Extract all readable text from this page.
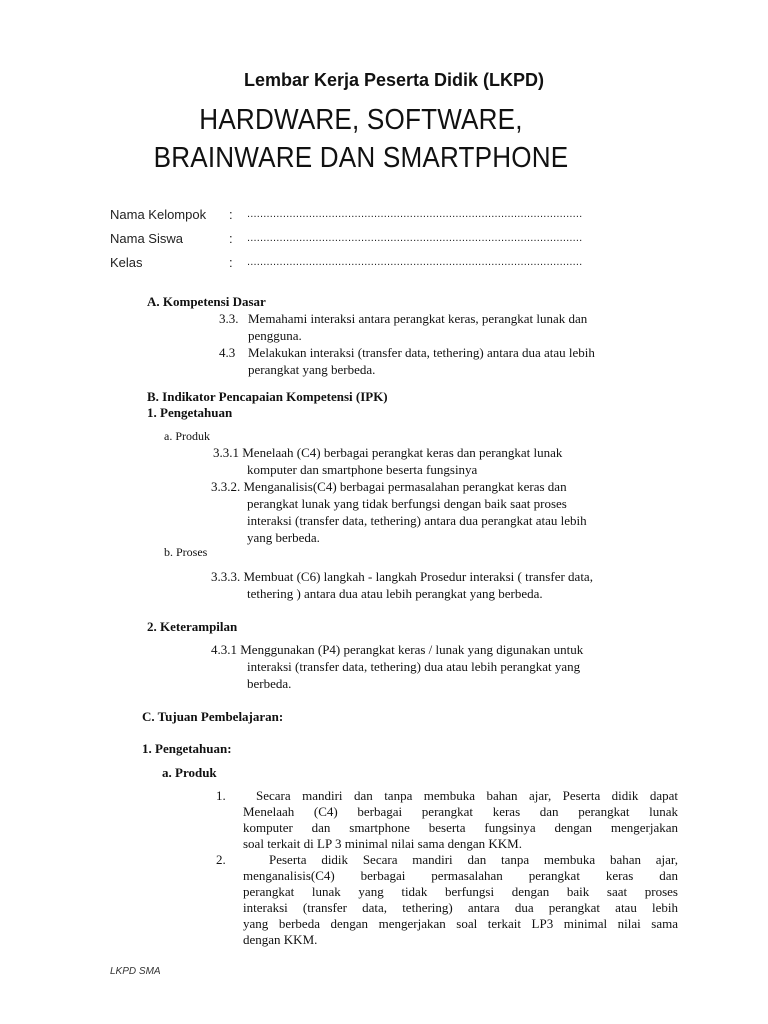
Lembar Kerja Peserta Didik (LKPD)
HARDWARE, SOFTWARE,
BRAINWARE DAN SMARTPHONE
Nama Kelompok : .......................................................................................................
Nama Siswa	: .......................................................................................................
Kelas	: .......................................................................................................
A. Kompetensi Dasar
3.3. Memahami interaksi antara perangkat keras, perangkat lunak dan
pengguna.
4.3 Melakukan interaksi (transfer data, tethering) antara dua atau lebih
perangkat yang berbeda.
B. Indikator Pencapaian Kompetensi (IPK)
1. Pengetahuan
a. Produk
3.3.1 Menelaah (C4) berbagai perangkat keras dan perangkat lunak
komputer dan smartphone beserta fungsinya
3.3.2. Menganalisis(C4) berbagai permasalahan perangkat keras dan
perangkat lunak yang tidak berfungsi dengan baik saat proses
interaksi (transfer data, tethering) antara dua perangkat atau lebih
yang berbeda.
b. Proses
3.3.3. Membuat (C6) langkah - langkah Prosedur interaksi ( transfer data,
tethering ) antara dua atau lebih perangkat yang berbeda.
2. Keterampilan
4.3.1 Menggunakan (P4) perangkat keras / lunak yang digunakan untuk
interaksi (transfer data, tethering) dua atau lebih perangkat yang
berbeda.
C. Tujuan Pembelajaran:
1. Pengetahuan:
a. Produk
1.	Secara mandiri dan tanpa membuka bahan ajar, Peserta didik dapat
Menelaah (C4) berbagai perangkat keras dan perangkat lunak
komputer dan smartphone beserta fungsinya dengan mengerjakan
soal terkait di LP 3 minimal nilai sama dengan KKM.
2.	Peserta didik Secara mandiri dan tanpa membuka bahan ajar,
menganalisis(C4) berbagai permasalahan perangkat keras dan
perangkat lunak yang tidak berfungsi dengan baik saat proses
interaksi (transfer data, tethering) antara dua perangkat atau lebih
yang berbeda dengan mengerjakan soal terkait LP3 minimal nilai sama
dengan KKM.
LKPD SMA
